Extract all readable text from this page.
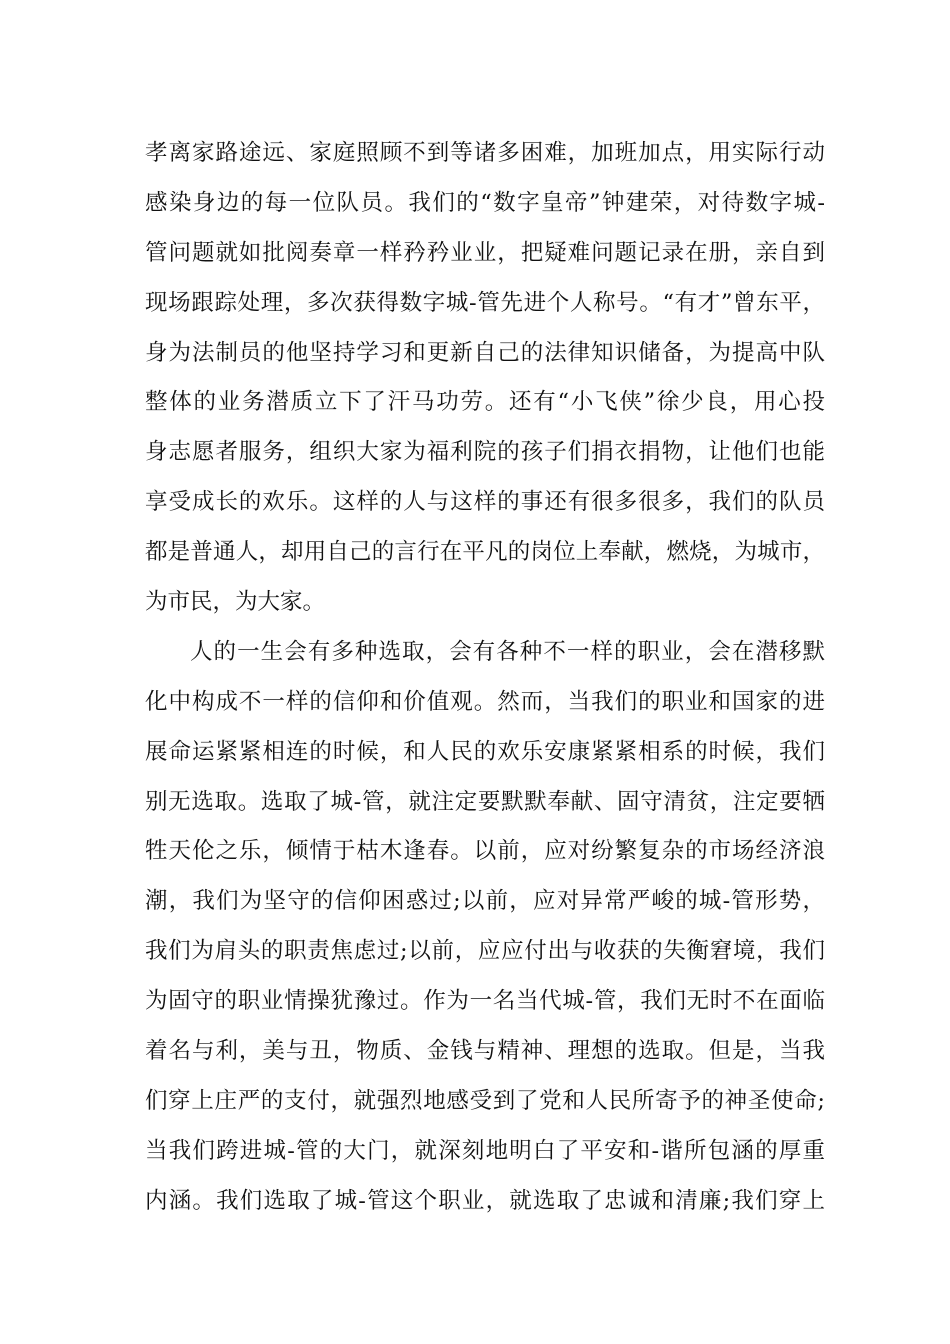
孝离家路途远、家庭照顾不到等诸多困难，加班加点，用实际行动
感染身边的每一位队员。我们的“数字皇帝”钟建荣，对待数字城-
管问题就如批阅奏章一样矜矜业业，把疑难问题记录在册，亲自到
现场跟踪处理，多次获得数字城-管先进个人称号。“有才”曾东平，
身为法制员的他坚持学习和更新自己的法律知识储备，为提高中队
整体的业务潜质立下了汗马功劳。还有“小飞侠”徐少良，用心投
身志愿者服务，组织大家为福利院的孩子们捐衣捐物，让他们也能
享受成长的欢乐。这样的人与这样的事还有很多很多，我们的队员
都是普通人，却用自己的言行在平凡的岗位上奉献，燃烧，为城市，
为市民，为大家。
人的一生会有多种选取，会有各种不一样的职业，会在潜移默
化中构成不一样的信仰和价值观。然而，当我们的职业和国家的进
展命运紧紧相连的时候，和人民的欢乐安康紧紧相系的时候，我们
别无选取。选取了城-管，就注定要默默奉献、固守清贫，注定要牺
牲天伦之乐，倾情于枯木逢春。以前，应对纷繁复杂的市场经济浪
潮，我们为坚守的信仰困惑过;以前，应对异常严峻的城-管形势，
我们为肩头的职责焦虑过;以前，应应付出与收获的失衡窘境，我们
为固守的职业情操犹豫过。作为一名当代城-管，我们无时不在面临
着名与利，美与丑，物质、金钱与精神、理想的选取。但是，当我
们穿上庄严的支付，就强烈地感受到了党和人民所寄予的神圣使命;
当我们跨进城-管的大门，就深刻地明白了平安和-谐所包涵的厚重
内涵。我们选取了城-管这个职业，就选取了忠诚和清廉;我们穿上
